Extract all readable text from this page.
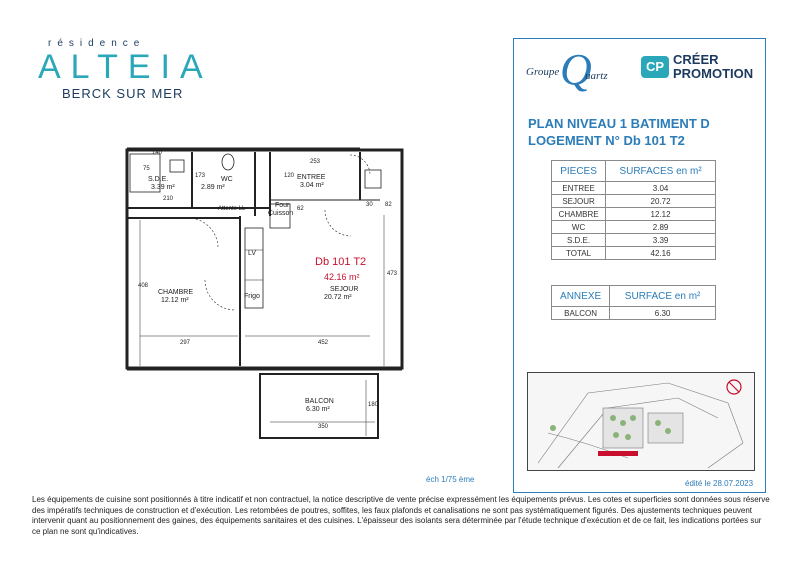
résidence
ALTEIA
BERCK SUR MER
140
75
S.D.E.
3.39 m²
210
173 WC
2.89 m²
120
253
ENTREE
3.04 m²
Attente LL	Four
Cuisson
62
30 82
LV
Frigo
Db 101 T2
42.16 m²
SEJOUR
20.72 m²
408
CHAMBRE
12.12 m²
473
297	452
BALCON
6.30 m²
180
350
Groupe Q
uartz
CP CRÉER
PROMOTION
PLAN NIVEAU 1 BATIMENT D
LOGEMENT N° Db 101 T2
PIECES	SURFACES en m²
ENTREE	3.04
SEJOUR	20.72
CHAMBRE	12.12
WC	2.89
S.D.E.	3.39
TOTAL	42.16
ANNEXE	SURFACE en m²
BALCON	6.30
éch 1/75 ème	édité le 28.07.2023
Les équipements de cuisine sont positionnés à titre indicatif et non contractuel, la notice descriptive de vente précise expressément les équipements prévus. Les cotes et superficies sont données sous réserve des impératifs techniques de construction et d'exécution. Les retombées de poutres, soffites, les faux plafonds et canalisations ne sont pas systématiquement figurés. Des ajustements techniques peuvent intervenir quant au positionnement des gaines, des équipements sanitaires et des cuisines. L'épaisseur des isolants sera déterminée par l'étude technique d'exécution et de ce fait, les indications portées sur ce plan ne sont qu'indicatives.
